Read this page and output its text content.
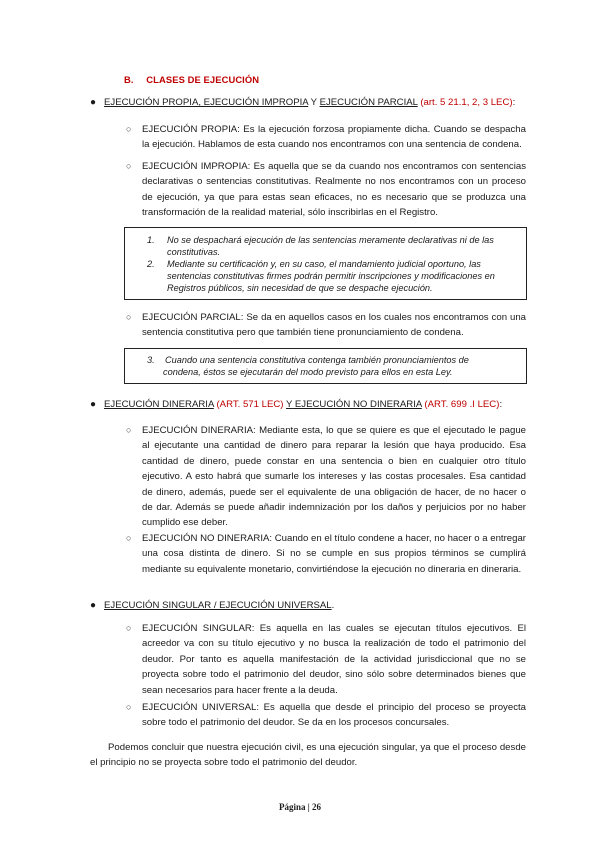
B. CLASES DE EJECUCIÓN
● EJECUCIÓN PROPIA, EJECUCIÓN IMPROPIA Y EJECUCIÓN PARCIAL (art. 5 21.1, 2, 3 LEC):
○ EJECUCIÓN PROPIA: Es la ejecución forzosa propiamente dicha. Cuando se despacha la ejecución. Hablamos de esta cuando nos encontramos con una sentencia de condena.
○ EJECUCIÓN IMPROPIA: Es aquella que se da cuando nos encontramos con sentencias declarativas o sentencias constitutivas. Realmente no nos encontramos con un proceso de ejecución, ya que para estas sean eficaces, no es necesario que se produzca una transformación de la realidad material, sólo inscribirlas en el Registro.
1. No se despachará ejecución de las sentencias meramente declarativas ni de las
constitutivas.
2. Mediante su certificación y, en su caso, el mandamiento judicial oportuno, las
sentencias constitutivas firmes podrán permitir inscripciones y modificaciones en
Registros públicos, sin necesidad de que se despache ejecución.
○ EJECUCIÓN PARCIAL: Se da en aquellos casos en los cuales nos encontramos con una sentencia constitutiva pero que también tiene pronunciamiento de condena.
3. Cuando una sentencia constitutiva contenga también pronunciamientos de
condena, éstos se ejecutarán del modo previsto para ellos en esta Ley.
● EJECUCIÓN DINERARIA (ART. 571 LEC) Y EJECUCIÓN NO DINERARIA (ART. 699 .I LEC):
○ EJECUCIÓN DINERARIA: Mediante esta, lo que se quiere es que el ejecutado le pague al ejecutante una cantidad de dinero para reparar la lesión que haya producido. Esa cantidad de dinero, puede constar en una sentencia o bien en cualquier otro título ejecutivo. A esto habrá que sumarle los intereses y las costas procesales. Esa cantidad de dinero, además, puede ser el equivalente de una obligación de hacer, de no hacer o de dar. Además se puede añadir indemnización por los daños y perjuicios por no haber cumplido ese deber.
○ EJECUCIÓN NO DINERARIA: Cuando en el título condene a hacer, no hacer o a entregar una cosa distinta de dinero. Si no se cumple en sus propios términos se cumplirá mediante su equivalente monetario, convirtiéndose la ejecución no dineraria en dineraria.
● EJECUCIÓN SINGULAR / EJECUCIÓN UNIVERSAL.
○ EJECUCIÓN SINGULAR: Es aquella en las cuales se ejecutan títulos ejecutivos. El acreedor va con su título ejecutivo y no busca la realización de todo el patrimonio del deudor. Por tanto es aquella manifestación de la actividad jurisdiccional que no se proyecta sobre todo el patrimonio del deudor, sino sólo sobre determinados bienes que sean necesarios para hacer frente a la deuda.
○ EJECUCIÓN UNIVERSAL: Es aquella que desde el principio del proceso se proyecta sobre todo el patrimonio del deudor. Se da en los procesos concursales.
Podemos concluir que nuestra ejecución civil, es una ejecución singular, ya que el proceso desde el principio no se proyecta sobre todo el patrimonio del deudor.
Página | 26
